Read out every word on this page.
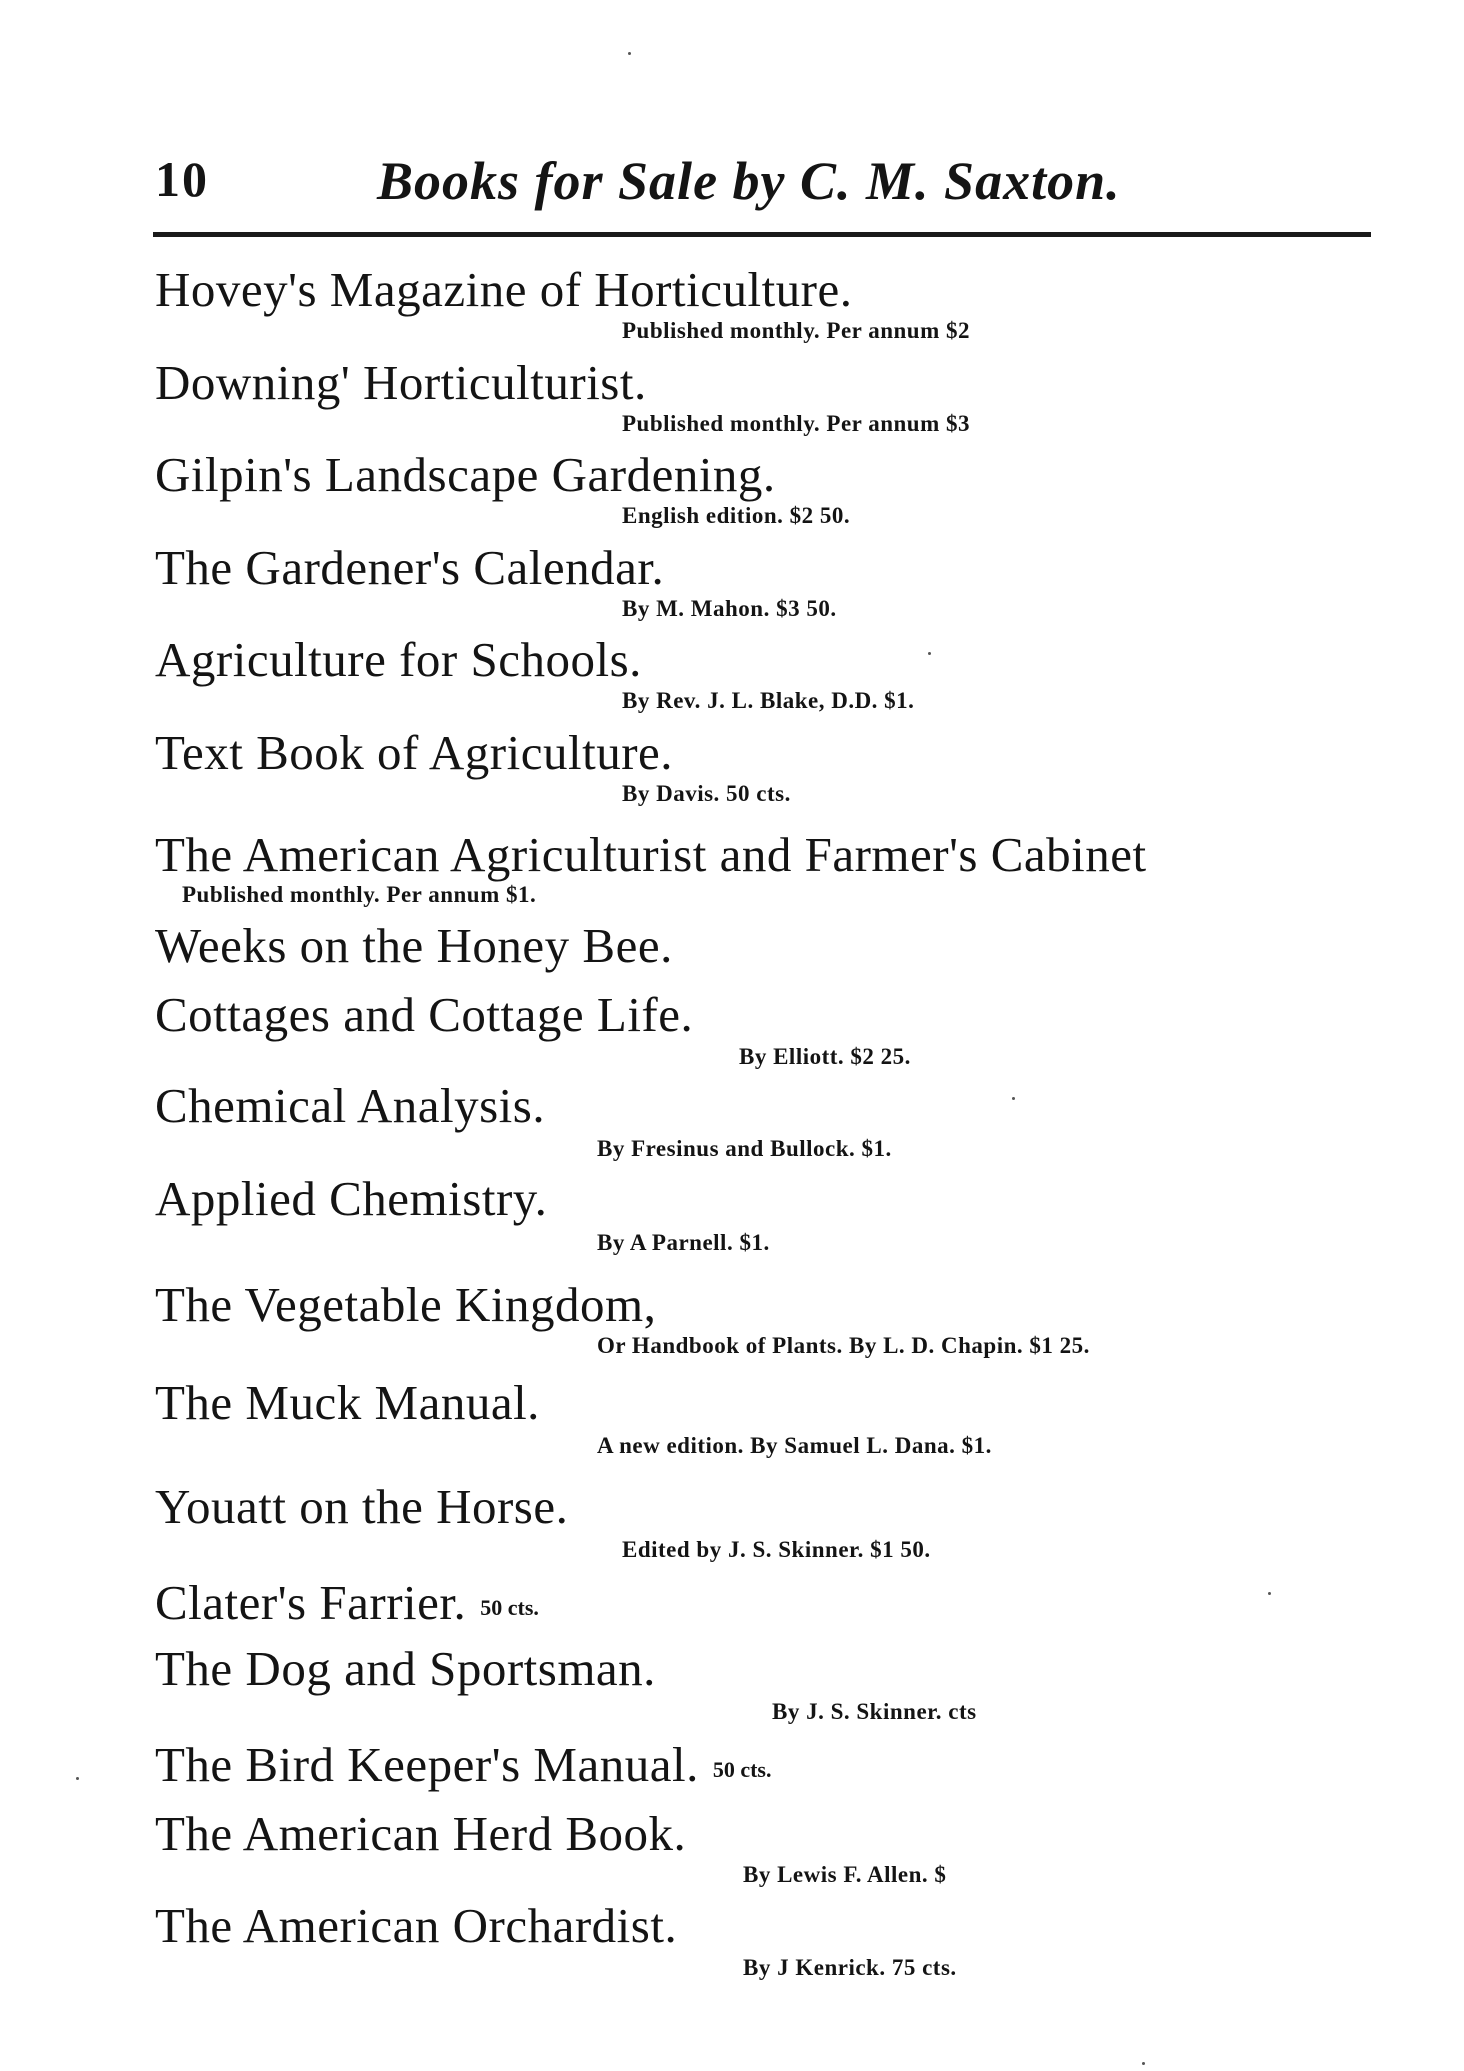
10	Books for Sale by C. M. Saxton.
Hovey's Magazine of Horticulture.
Published monthly. Per annum $2
Downing' Horticulturist.
Published monthly. Per annum $3
Gilpin's Landscape Gardening.
English edition. $2 50.
The Gardener's Calendar.
By M. Mahon. $3 50.
Agriculture for Schools.
By Rev. J. L. Blake, D.D. $1.
Text Book of Agriculture.
By Davis. 50 cts.
The American Agriculturist and Farmer's Cabinet
Published monthly. Per annum $1.
Weeks on the Honey Bee.
Cottages and Cottage Life.
By Elliott. $2 25.
Chemical Analysis.
By Fresinus and Bullock. $1.
Applied Chemistry.
By A Parnell. $1.
The Vegetable Kingdom,
Or Handbook of Plants. By L. D. Chapin. $1 25.
The Muck Manual.
A new edition. By Samuel L. Dana. $1.
Youatt on the Horse.
Edited by J. S. Skinner. $1 50.
Clater's Farrier. 50 cts.
The Dog and Sportsman.
By J. S. Skinner. cts
The Bird Keeper's Manual. 50 cts.
The American Herd Book.
By Lewis F. Allen. $
The American Orchardist.
By J Kenrick. 75 cts.
